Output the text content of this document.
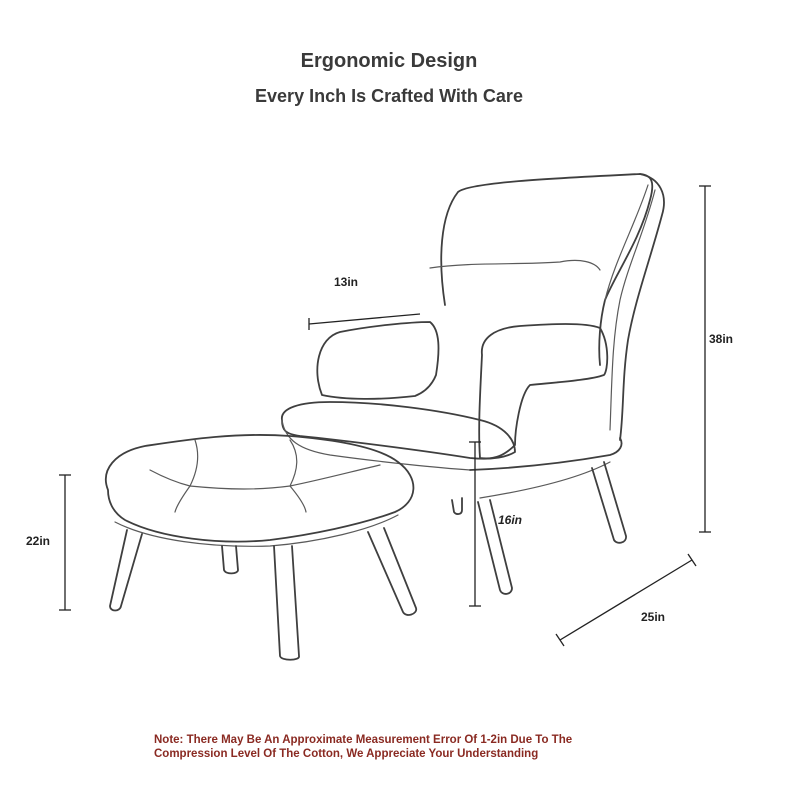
Ergonomic Design
Every Inch Is Crafted With Care
13in
38in
22in
16in
25in
Note: There May Be An Approximate Measurement Error Of 1-2in Due To The
Compression Level Of The Cotton, We Appreciate Your Understanding
